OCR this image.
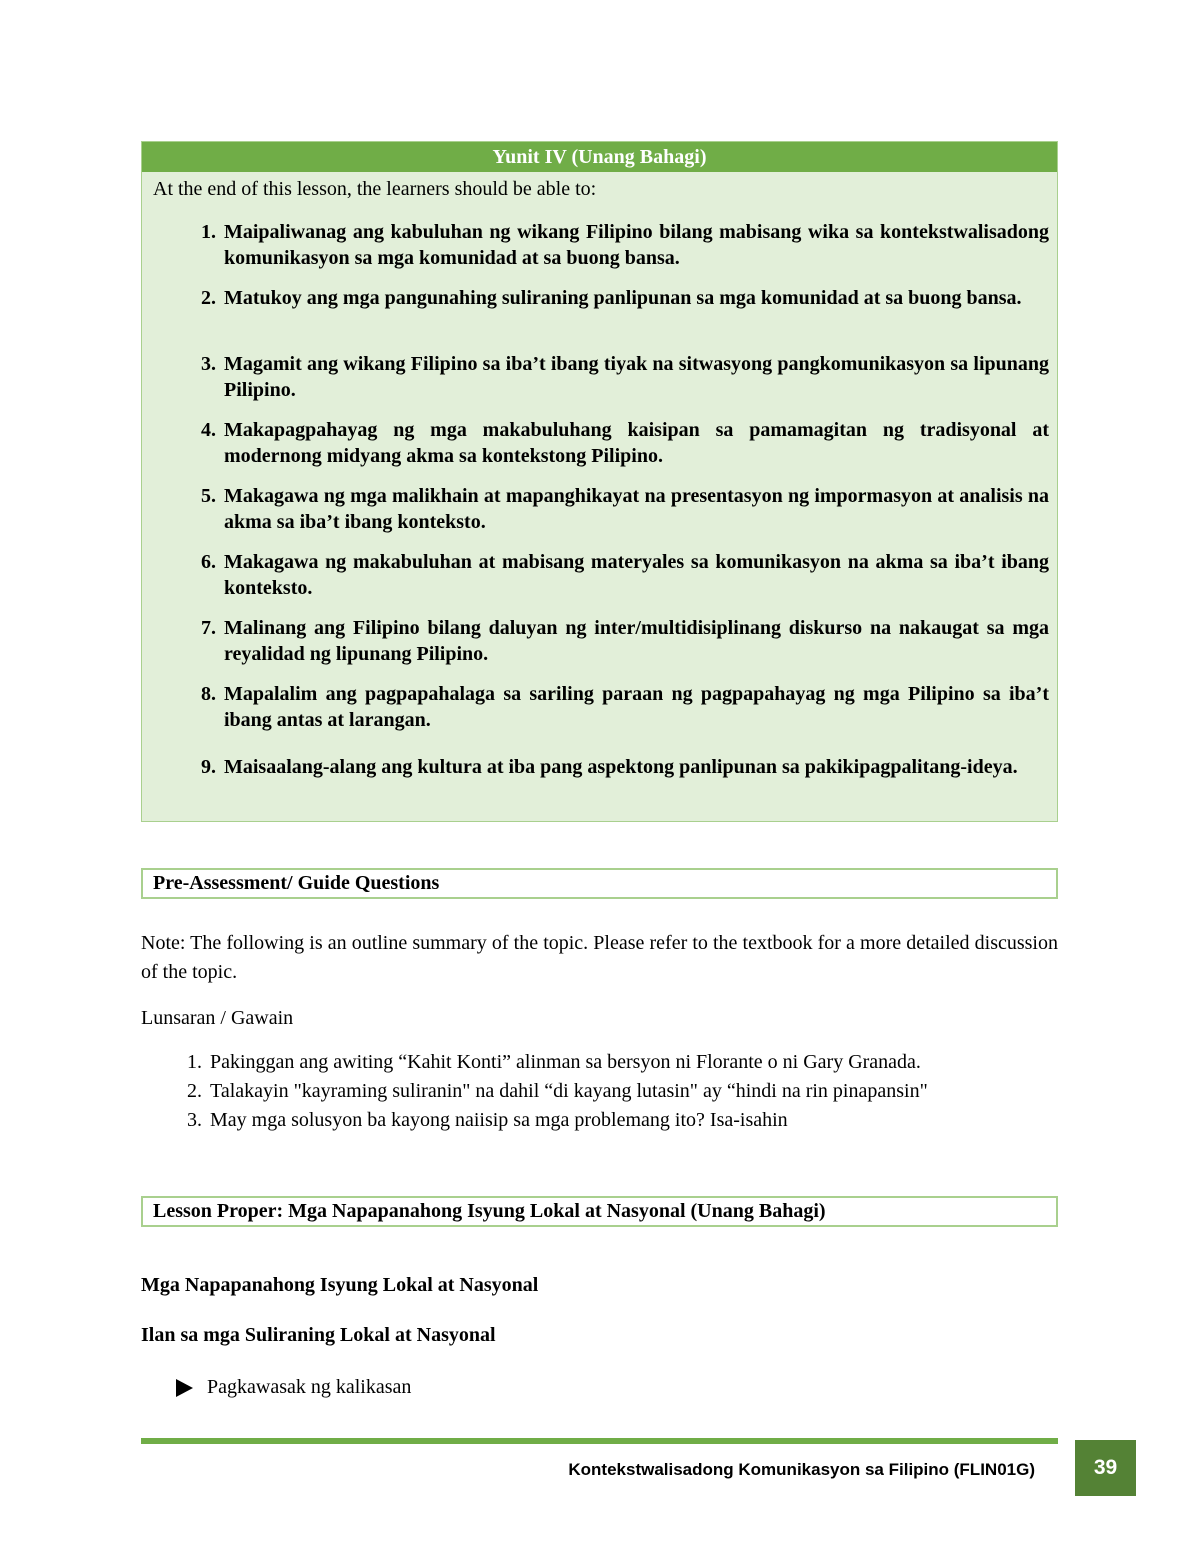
Yunit IV (Unang Bahagi)
At the end of this lesson, the learners should be able to:
1. Maipaliwanag ang kabuluhan ng wikang Filipino bilang mabisang wika sa kontekstwalisadong komunikasyon sa mga komunidad at sa buong bansa.
2. Matukoy ang mga pangunahing suliraning panlipunan sa mga komunidad at sa buong bansa.
3. Magamit ang wikang Filipino sa iba’t ibang tiyak na sitwasyong pangkomunikasyon sa lipunang Pilipino.
4. Makapagpahayag ng mga makabuluhang kaisipan sa pamamagitan ng tradisyonal at modernong midyang akma sa kontekstong Pilipino.
5. Makagawa ng mga malikhain at mapanghikayat na presentasyon ng impormasyon at analisis na akma sa iba’t ibang konteksto.
6. Makagawa ng makabuluhan at mabisang materyales sa komunikasyon na akma sa iba’t ibang konteksto.
7. Malinang ang Filipino bilang daluyan ng inter/multidisiplinang diskurso na nakaugat sa mga reyalidad ng lipunang Pilipino.
8. Mapalalim ang pagpapahalaga sa sariling paraan ng pagpapahayag ng mga Pilipino sa iba’t ibang antas at larangan.
9. Maisaalang-alang ang kultura at iba pang aspektong panlipunan sa pakikipagpalitang-ideya.
Pre-Assessment/ Guide Questions
Note: The following is an outline summary of the topic. Please refer to the textbook for a more detailed discussion of the topic.
Lunsaran / Gawain
1. Pakinggan ang awiting “Kahit Konti” alinman sa bersyon ni Florante o ni Gary Granada.
2. Talakayin "kayraming suliranin" na dahil “di kayang lutasin" ay “hindi na rin pinapansin"
3. May mga solusyon ba kayong naiisip sa mga problemang ito? Isa-isahin
Lesson Proper: Mga Napapanahong Isyung Lokal at Nasyonal (Unang Bahagi)
Mga Napapanahong Isyung Lokal at Nasyonal
Ilan sa mga Suliraning Lokal at Nasyonal
Pagkawasak ng kalikasan
Kontekstwalisadong Komunikasyon sa Filipino (FLIN01G)	39
